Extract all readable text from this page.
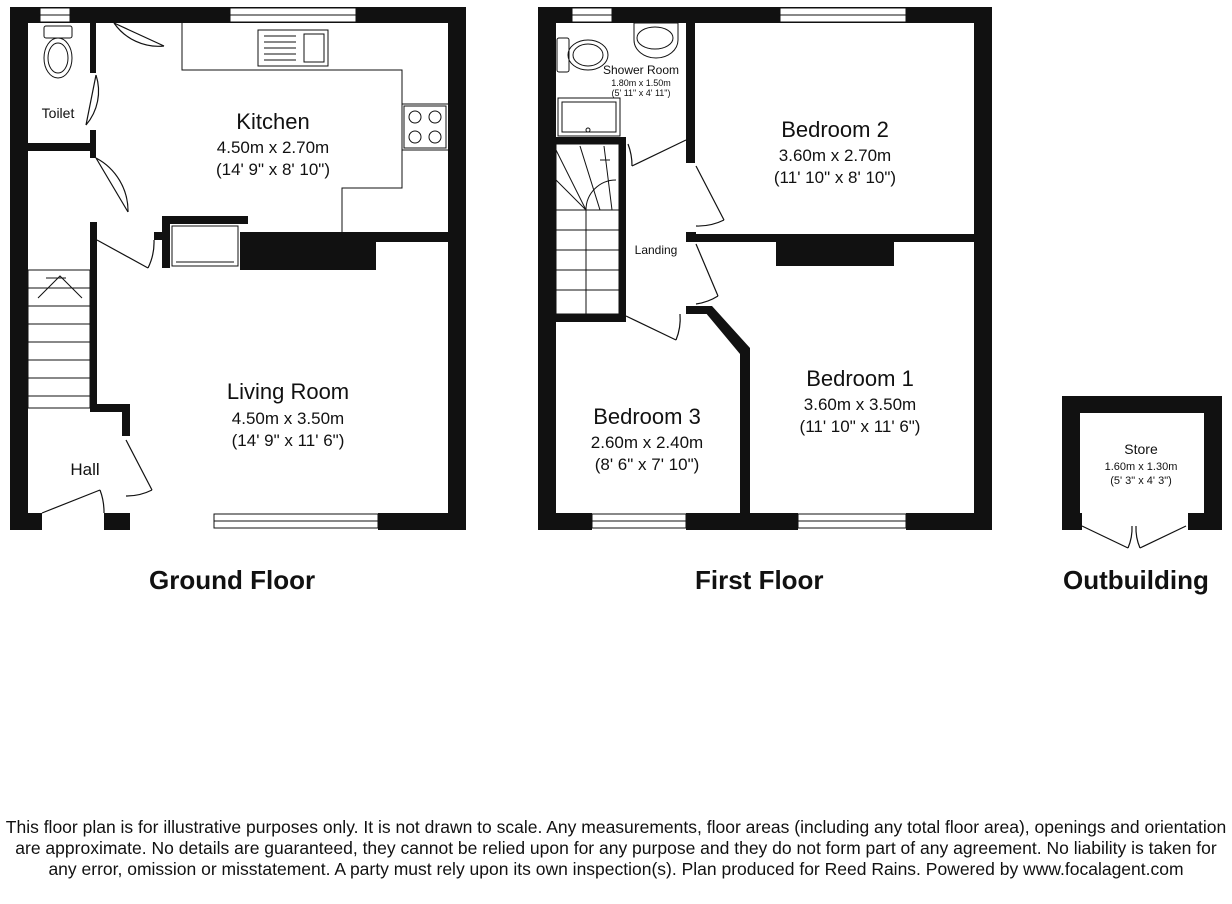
Kitchen
4.50m x 2.70m
(14' 9" x 8' 10")
Living Room
4.50m x 3.50m
(14' 9" x 11' 6")
Toilet
Hall
Shower Room
1.80m x 1.50m
(5' 11" x 4' 11")
Bedroom 2
3.60m x 2.70m
(11' 10" x 8' 10")
Landing
Bedroom 1
3.60m x 3.50m
(11' 10" x 11' 6")
Bedroom 3
2.60m x 2.40m
(8' 6" x 7' 10")
Store
1.60m x 1.30m
(5' 3" x 4' 3")
Ground Floor	First Floor	Outbuilding
This floor plan is for illustrative purposes only. It is not drawn to scale. Any measurements, floor areas (including any total floor area), openings and orientation are approximate. No details are guaranteed, they cannot be relied upon for any purpose and they do not form part of any agreement. No liability is taken for any error, omission or misstatement. A party must rely upon its own inspection(s). Plan produced for Reed Rains. Powered by www.focalagent.com
